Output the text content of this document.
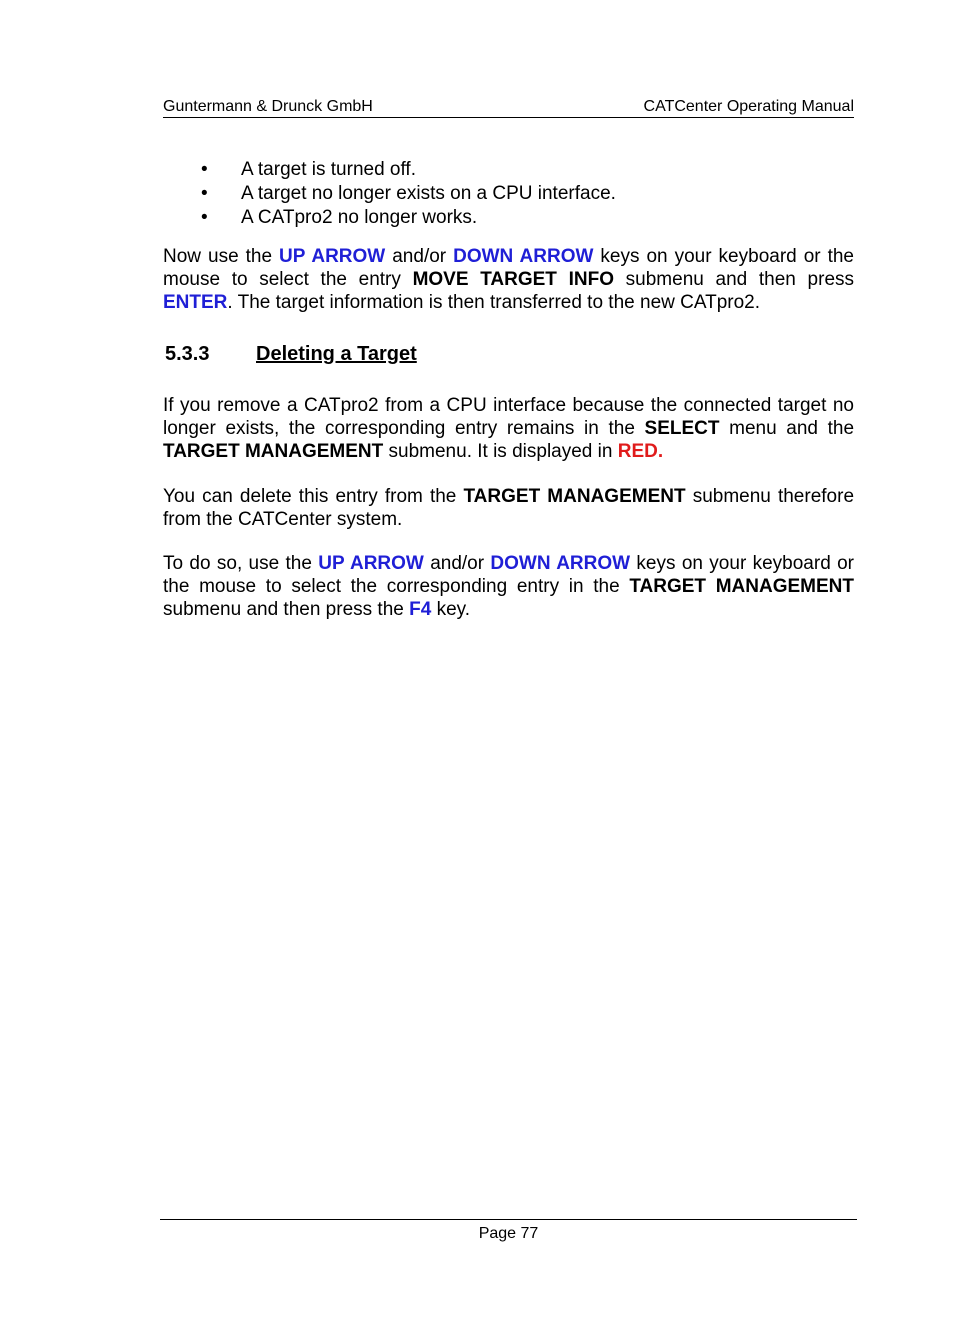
Guntermann & Drunck GmbH	CATCenter Operating Manual
• A target is turned off.
• A target no longer exists on a CPU interface.
• A CATpro2 no longer works.

Now use the UP ARROW and/or DOWN ARROW keys on your keyboard or the mouse to select the entry MOVE TARGET INFO submenu and then press ENTER. The target information is then transferred to the new CATpro2.

5.3.3	Deleting a Target

If you remove a CATpro2 from a CPU interface because the connected target no longer exists, the corresponding entry remains in the SELECT menu and the TARGET MANAGEMENT submenu. It is displayed in RED.

You can delete this entry from the TARGET MANAGEMENT submenu therefore from the CATCenter system.

To do so, use the UP ARROW and/or DOWN ARROW keys on your keyboard or the mouse to select the corresponding entry in the TARGET MANAGEMENT submenu and then press the F4 key.

Page 77
